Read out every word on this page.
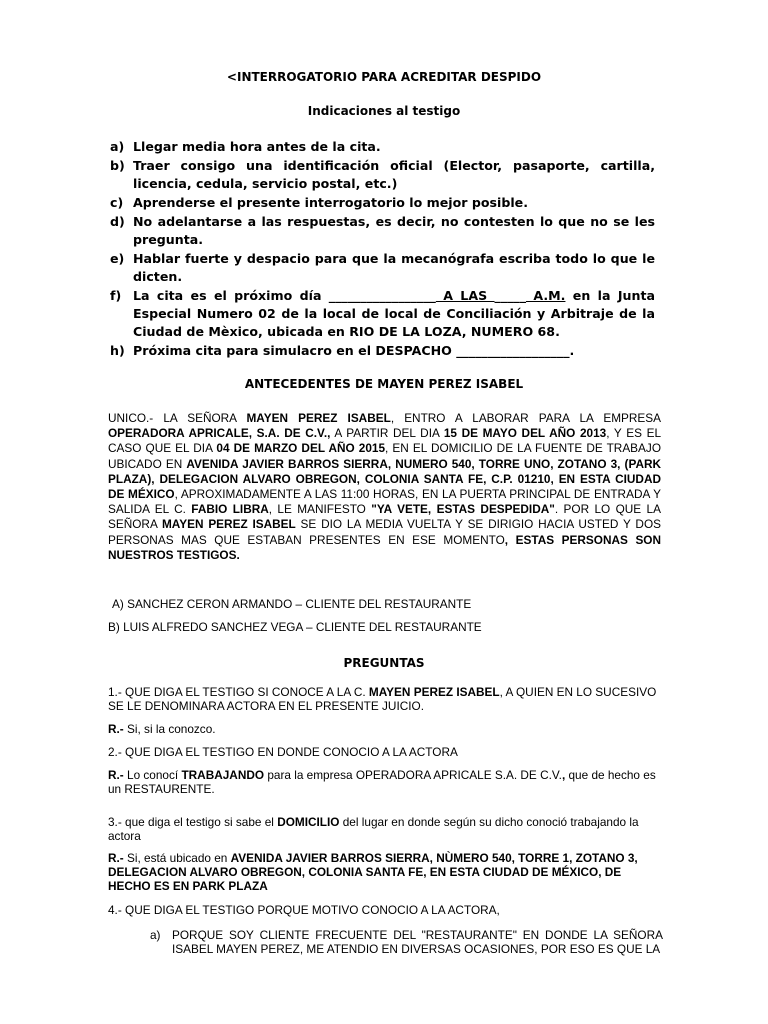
<INTERROGATORIO PARA ACREDITAR DESPIDO
Indicaciones al testigo
a) Llegar media hora antes de la cita.
b) Traer consigo una identificación oficial (Elector, pasaporte, cartilla, licencia, cedula, servicio postal, etc.)
c) Aprenderse el presente interrogatorio lo mejor posible.
d) No adelantarse a las respuestas, es decir, no contesten lo que no se les pregunta.
e) Hablar fuerte y despacio para que la mecanógrafa escriba todo lo que le dicten.
f) La cita es el próximo día _________________ A LAS _____ A.M. en la Junta Especial Numero 02 de la local de local de Conciliación y Arbitraje de la Ciudad de Mèxico, ubicada en RIO DE LA LOZA, NUMERO 68.
h) Próxima cita para simulacro en el DESPACHO __________________.
ANTECEDENTES DE MAYEN PEREZ ISABEL

UNICO.- LA SEÑORA MAYEN PEREZ ISABEL, ENTRO A LABORAR PARA LA EMPRESA OPERADORA APRICALE, S.A. DE C.V., A PARTIR DEL DIA 15 DE MAYO DEL AÑO 2013, Y ES EL CASO QUE EL DIA 04 DE MARZO DEL AÑO 2015, EN EL DOMICILIO DE LA FUENTE DE TRABAJO UBICADO EN AVENIDA JAVIER BARROS SIERRA, NUMERO 540, TORRE UNO, ZOTANO 3, (PARK PLAZA), DELEGACION ALVARO OBREGON, COLONIA SANTA FE, C.P. 01210, EN ESTA CIUDAD DE MÉXICO, APROXIMADAMENTE A LAS 11:00 HORAS, EN LA PUERTA PRINCIPAL DE ENTRADA Y SALIDA EL C. FABIO LIBRA, LE MANIFESTO "YA VETE, ESTAS DESPEDIDA". POR LO QUE LA SEÑORA MAYEN PEREZ ISABEL SE DIO LA MEDIA VUELTA Y SE DIRIGIO HACIA USTED Y DOS PERSONAS MAS QUE ESTABAN PRESENTES EN ESE MOMENTO, ESTAS PERSONAS SON NUESTROS TESTIGOS.

A) SANCHEZ CERON ARMANDO – CLIENTE DEL RESTAURANTE
B) LUIS ALFREDO SANCHEZ VEGA – CLIENTE DEL RESTAURANTE
PREGUNTAS

1.- QUE DIGA EL TESTIGO SI CONOCE A LA C. MAYEN PEREZ ISABEL, A QUIEN EN LO SUCESIVO SE LE DENOMINARA ACTORA EN EL PRESENTE JUICIO.

R.- Si, si la conozco.

2.- QUE DIGA EL TESTIGO EN DONDE CONOCIO A LA ACTORA

R.- Lo conocí TRABAJANDO para la empresa OPERADORA APRICALE S.A. DE C.V., que de hecho es un RESTAURENTE.

3.- que diga el testigo si sabe el DOMICILIO del lugar en donde según su dicho conoció trabajando la actora

R.- Si, está ubicado en AVENIDA JAVIER BARROS SIERRA, NÙMERO 540, TORRE 1, ZOTANO 3, DELEGACION ALVARO OBREGON, COLONIA SANTA FE, EN ESTA CIUDAD DE MÉXICO, DE HECHO ES EN PARK PLAZA

4.- QUE DIGA EL TESTIGO PORQUE MOTIVO CONOCIO A LA ACTORA,

a) PORQUE SOY CLIENTE FRECUENTE DEL "RESTAURANTE" EN DONDE LA SEÑORA ISABEL MAYEN PEREZ, ME ATENDIO EN DIVERSAS OCASIONES, POR ESO ES QUE LA
